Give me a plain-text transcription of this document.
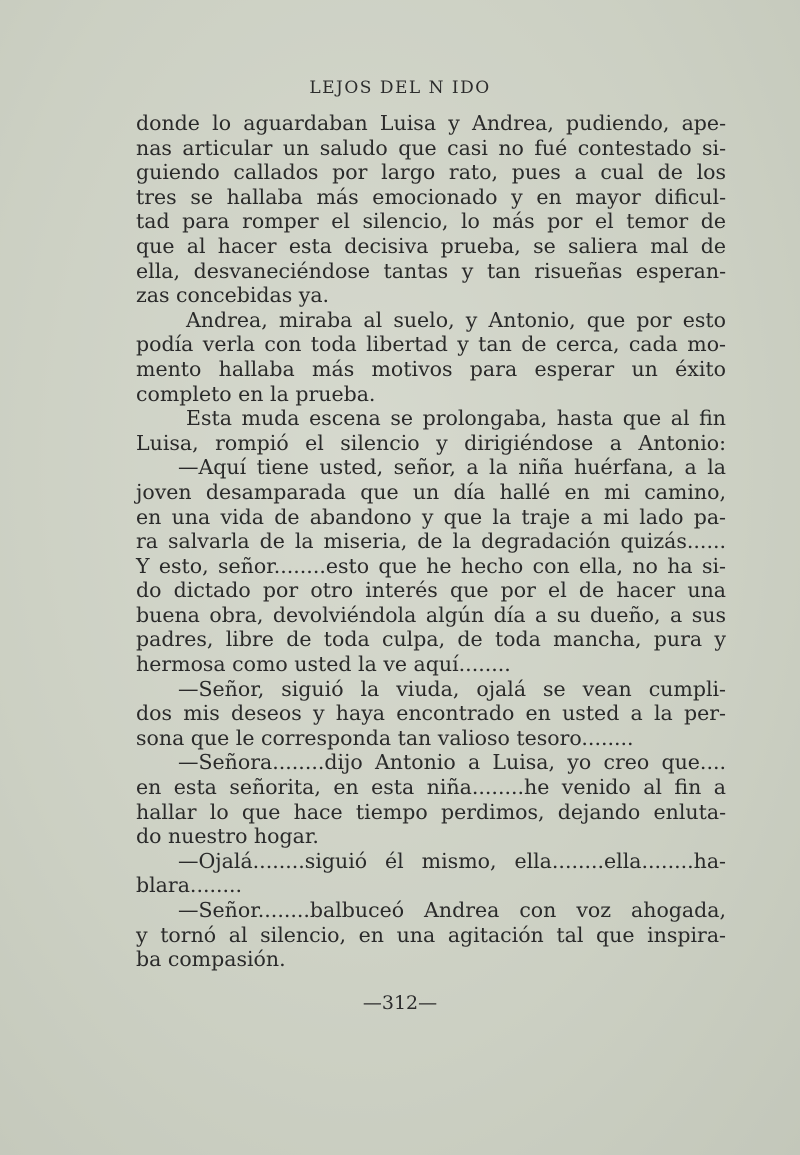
LEJOS DEL N IDO
donde lo aguardaban Luisa y Andrea, pudiendo, ape-
nas articular un saludo que casi no fué contestado si-
guiendo callados por largo rato, pues a cual de los
tres se hallaba más emocionado y en mayor dificul-
tad para romper el silencio, lo más por el temor de
que al hacer esta decisiva prueba, se saliera mal de
ella, desvaneciéndose tantas y tan risueñas esperan-
zas concebidas ya.
Andrea, miraba al suelo, y Antonio, que por esto
podía verla con toda libertad y tan de cerca, cada mo-
mento hallaba más motivos para esperar un éxito
completo en la prueba.
Esta muda escena se prolongaba, hasta que al fin
Luisa, rompió el silencio y dirigiéndose a Antonio:
—Aquí tiene usted, señor, a la niña huérfana, a la
joven desamparada que un día hallé en mi camino,
en una vida de abandono y que la traje a mi lado pa-
ra salvarla de la miseria, de la degradación quizás......
Y esto, señor........esto que he hecho con ella, no ha si-
do dictado por otro interés que por el de hacer una
buena obra, devolviéndola algún día a su dueño, a sus
padres, libre de toda culpa, de toda mancha, pura y
hermosa como usted la ve aquí........
—Señor, siguió la viuda, ojalá se vean cumpli-
dos mis deseos y haya encontrado en usted a la per-
sona que le corresponda tan valioso tesoro........
—Señora........dijo Antonio a Luisa, yo creo que....
en esta señorita, en esta niña........he venido al fin a
hallar lo que hace tiempo perdimos, dejando enluta-
do nuestro hogar.
—Ojalá........siguió él mismo, ella........ella........ha-
blara........
—Señor........balbuceó Andrea con voz ahogada,
y tornó al silencio, en una agitación tal que inspira-
ba compasión.
—312—
